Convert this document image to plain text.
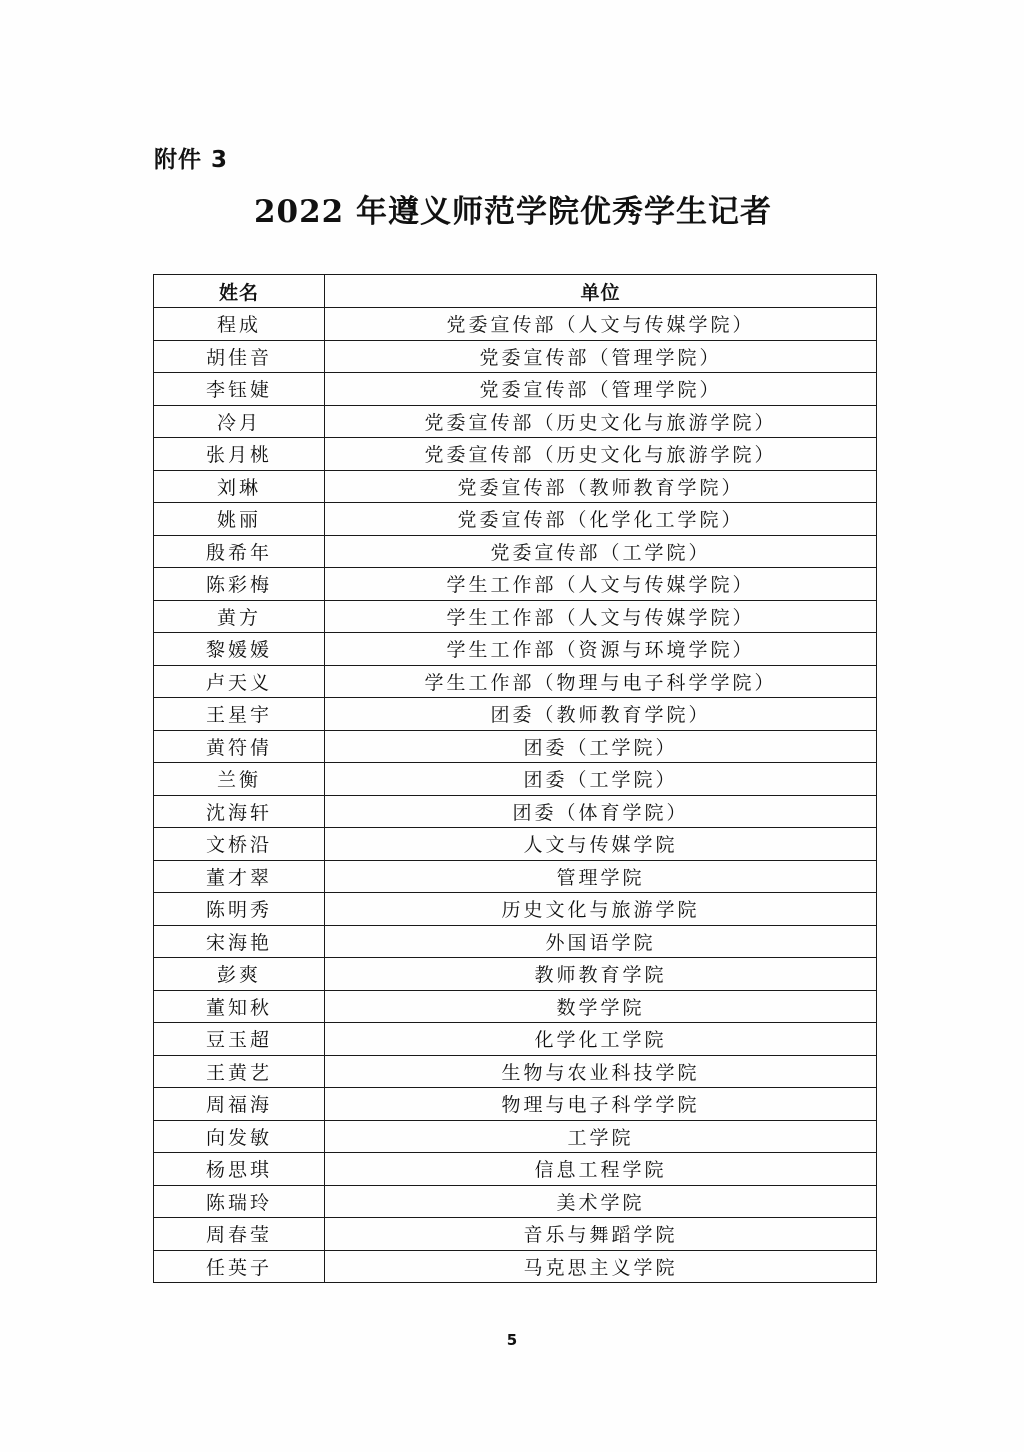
附件 3
2022 年遵义师范学院优秀学生记者
姓名	单位
程成	党委宣传部（人文与传媒学院）
胡佳音	党委宣传部（管理学院）
李钰婕	党委宣传部（管理学院）
冷月	党委宣传部（历史文化与旅游学院）
张月桃	党委宣传部（历史文化与旅游学院）
刘琳	党委宣传部（教师教育学院）
姚丽	党委宣传部（化学化工学院）
殷希年	党委宣传部（工学院）
陈彩梅	学生工作部（人文与传媒学院）
黄方	学生工作部（人文与传媒学院）
黎媛媛	学生工作部（资源与环境学院）
卢天义	学生工作部（物理与电子科学学院）
王星宇	团委（教师教育学院）
黄符倩	团委（工学院）
兰衡	团委（工学院）
沈海轩	团委（体育学院）
文桥沿	人文与传媒学院
董才翠	管理学院
陈明秀	历史文化与旅游学院
宋海艳	外国语学院
彭爽	教师教育学院
董知秋	数学学院
豆玉超	化学化工学院
王黄艺	生物与农业科技学院
周福海	物理与电子科学学院
向发敏	工学院
杨思琪	信息工程学院
陈瑞玲	美术学院
周春莹	音乐与舞蹈学院
任英子	马克思主义学院
5
